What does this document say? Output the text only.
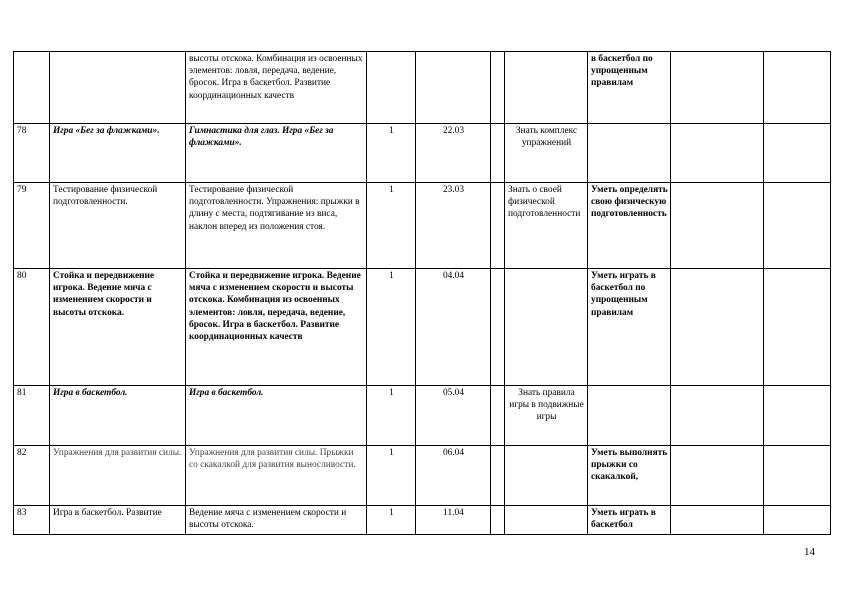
		высоты отскока. Комбинация из освоенных элементов: ловля, передача, ведение, бросок. Игра в баскетбол. Развитие координационных качеств					в баскетбол по упрощенным правилам		
78	Игра «Бег за флажками».	Гимнастика для глаз. Игра «Бег за флажками».	1	22.03		Знать комплекс упражнений			
79	Тестирование физической подготовленности.	Тестирование физической подготовленности. Упражнения: прыжки в длину с места, подтягивание из виса, наклон вперед из положения стоя.	1	23.03		Знать о своей физической подготовленности	Уметь определять свою физическую подготовленность		
80	Стойка и передвижение игрока. Ведение мяча с изменением скорости и высоты отскока.	Стойка и передвижение игрока. Ведение мяча с изменением скорости и высоты отскока. Комбинация из освоенных элементов: ловля, передача, ведение, бросок. Игра в баскетбол. Развитие координационных качеств	1	04.04			Уметь играть в баскетбол по упрощенным правилам		
81	Игра в баскетбол.	Игра в баскетбол.	1	05.04		Знать правила игры в подвижные игры			
82	Упражнения для развития силы.	Упражнения для развития силы. Прыжки со скакалкой для развития выносливости.	1	06.04			Уметь выполнять прыжки со скакалкой,		
83	Игра в баскетбол. Развитие	Ведение мяча с изменением скорости и высоты отскока.	1	11.04			Уметь играть в баскетбол		
14
